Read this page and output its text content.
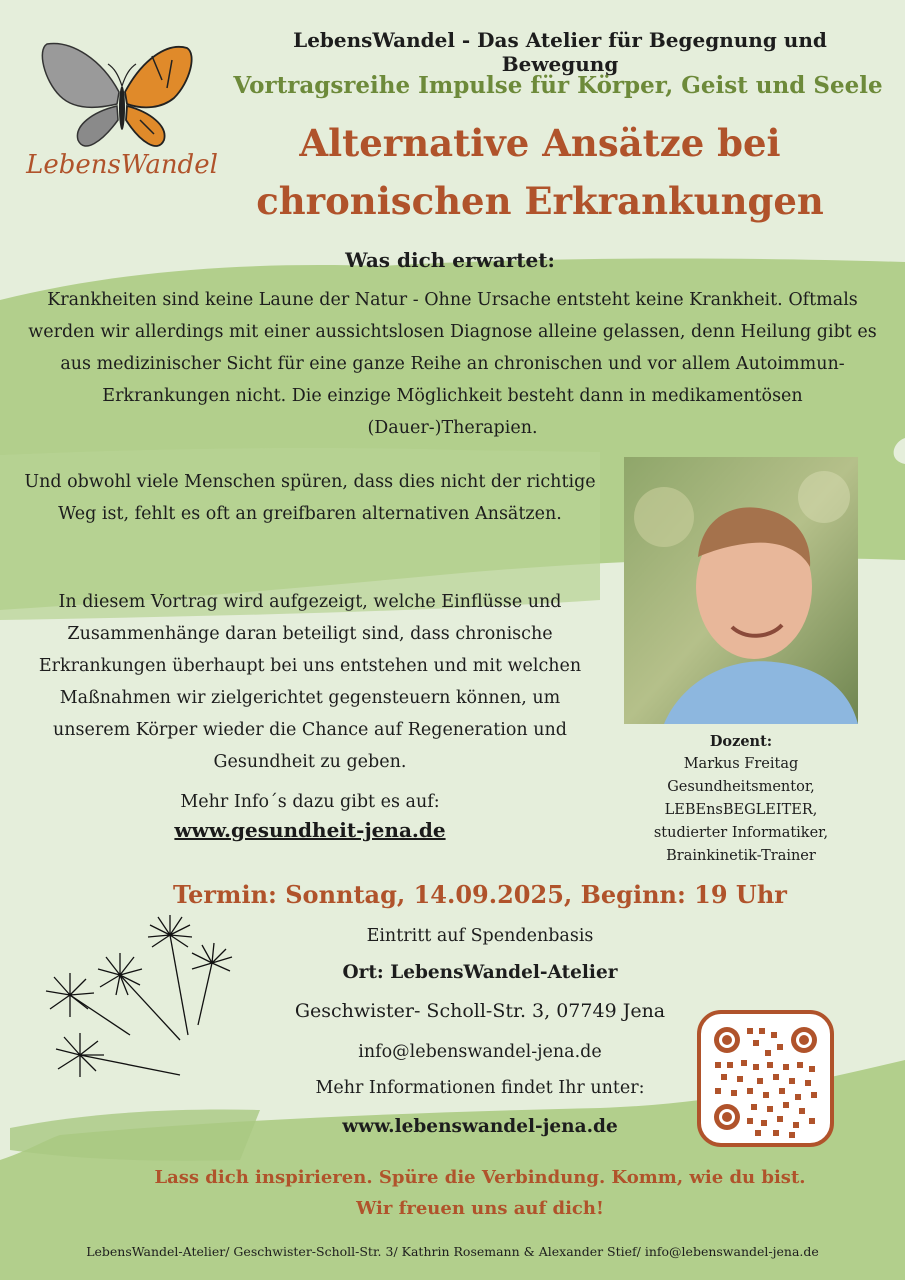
LebensWandel
LebensWandel - Das Atelier für Begegnung und Bewegung
Vortragsreihe Impulse für Körper, Geist und Seele
Alternative Ansätze bei
chronischen Erkrankungen
Was dich erwartet:
Krankheiten sind keine Laune der Natur - Ohne Ursache entsteht keine Krankheit. Oftmals werden wir allerdings mit einer aussichtslosen Diagnose alleine gelassen, denn Heilung gibt es aus medizinischer Sicht für eine ganze Reihe an chronischen und vor allem Autoimmun-Erkrankungen nicht. Die einzige Möglichkeit besteht dann in medikamentösen (Dauer-)Therapien.
Und obwohl viele Menschen spüren, dass dies nicht der richtige Weg ist, fehlt es oft an greifbaren alternativen Ansätzen.
In diesem Vortrag wird aufgezeigt, welche Einflüsse und Zusammenhänge daran beteiligt sind, dass chronische Erkrankungen überhaupt bei uns entstehen und mit welchen Maßnahmen wir zielgerichtet gegensteuern können, um unserem Körper wieder die Chance auf Regeneration und Gesundheit zu geben.
Mehr Info´s dazu gibt es auf:
www.gesundheit-jena.de
Dozent:
Markus Freitag
Gesundheitsmentor,
LEBEnsBEGLEITER,
studierter Informatiker,
Brainkinetik-Trainer
Termin: Sonntag, 14.09.2025, Beginn: 19 Uhr
Eintritt auf Spendenbasis
Ort: LebensWandel-Atelier
Geschwister- Scholl-Str. 3, 07749 Jena
info@lebenswandel-jena.de
Mehr Informationen findet Ihr unter:
www.lebenswandel-jena.de
Lass dich inspirieren. Spüre die Verbindung. Komm, wie du bist.
Wir freuen uns auf dich!
LebensWandel-Atelier/ Geschwister-Scholl-Str. 3/ Kathrin Rosemann & Alexander Stief/ info@lebenswandel-jena.de
